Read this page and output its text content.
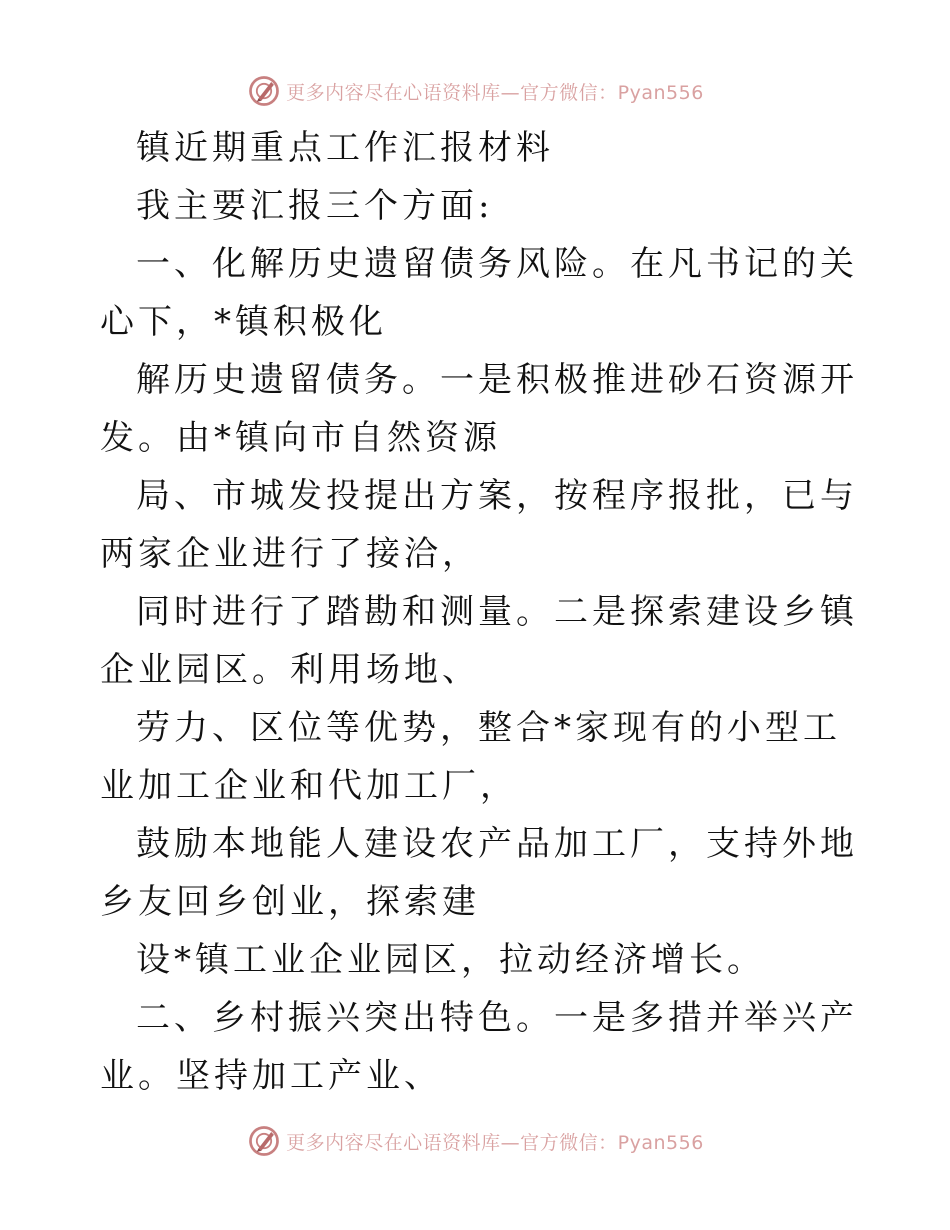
更多内容尽在心语资料库—官方微信：Pyan556

镇近期重点工作汇报材料

我主要汇报三个方面:

一、化解历史遗留债务风险。在凡书记的关心下，*镇积极化

解历史遗留债务。一是积极推进砂石资源开发。由*镇向市自然资源

局、市城发投提出方案，按程序报批，已与两家企业进行了接洽，

同时进行了踏勘和测量。二是探索建设乡镇企业园区。利用场地、

劳力、区位等优势，整合*家现有的小型工业加工企业和代加工厂，

鼓励本地能人建设农产品加工厂，支持外地乡友回乡创业，探索建

设*镇工业企业园区，拉动经济增长。

二、乡村振兴突出特色。一是多措并举兴产业。坚持加工产业、

更多内容尽在心语资料库—官方微信：Pyan556
